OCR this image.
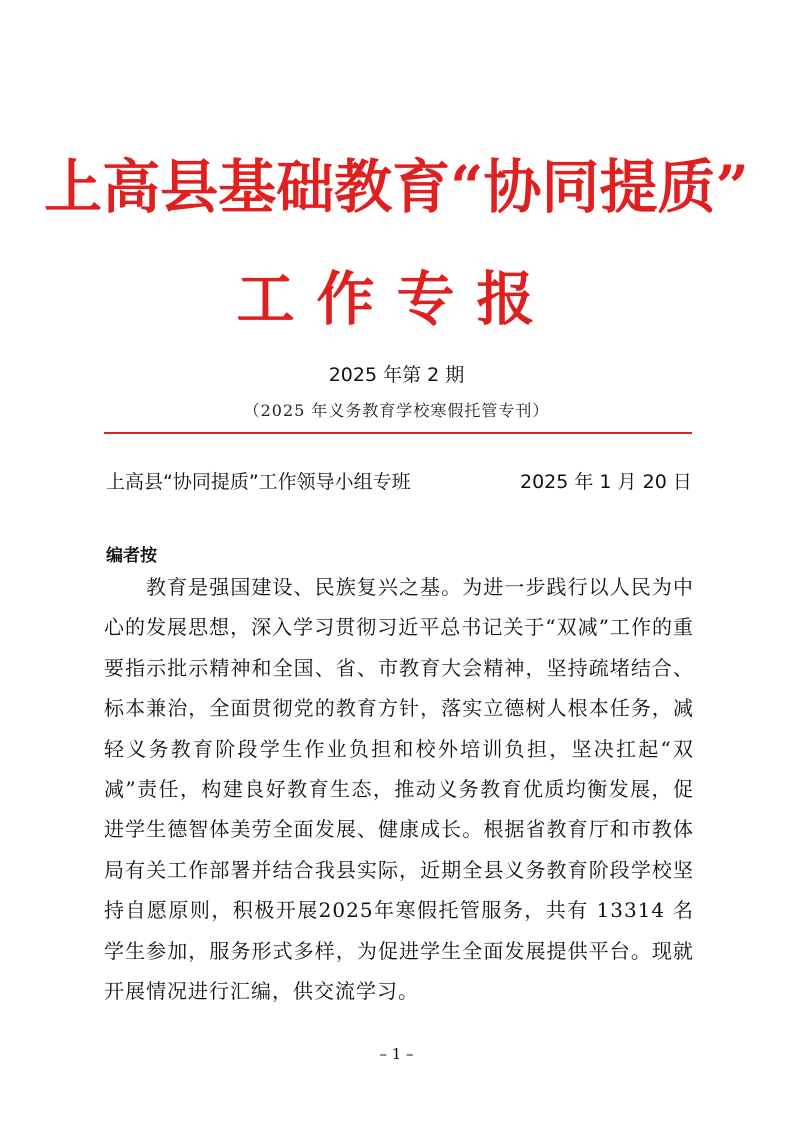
上高县基础教育“协同提质”
工作专报
2025 年第 2 期
（2025 年义务教育学校寒假托管专刊）
上高县“协同提质”工作领导小组专班	2025 年 1 月 20 日
编者按
教育是强国建设、民族复兴之基。为进一步践行以人民为中心的发展思想，深入学习贯彻习近平总书记关于“双减”工作的重要指示批示精神和全国、省、市教育大会精神，坚持疏堵结合、标本兼治，全面贯彻党的教育方针，落实立德树人根本任务，减轻义务教育阶段学生作业负担和校外培训负担，坚决扛起“双减”责任，构建良好教育生态，推动义务教育优质均衡发展，促进学生德智体美劳全面发展、健康成长。根据省教育厅和市教体局有关工作部署并结合我县实际，近期全县义务教育阶段学校坚持自愿原则，积极开展2025年寒假托管服务，共有 13314 名学生参加，服务形式多样，为促进学生全面发展提供平台。现就开展情况进行汇编，供交流学习。
– 1 –
